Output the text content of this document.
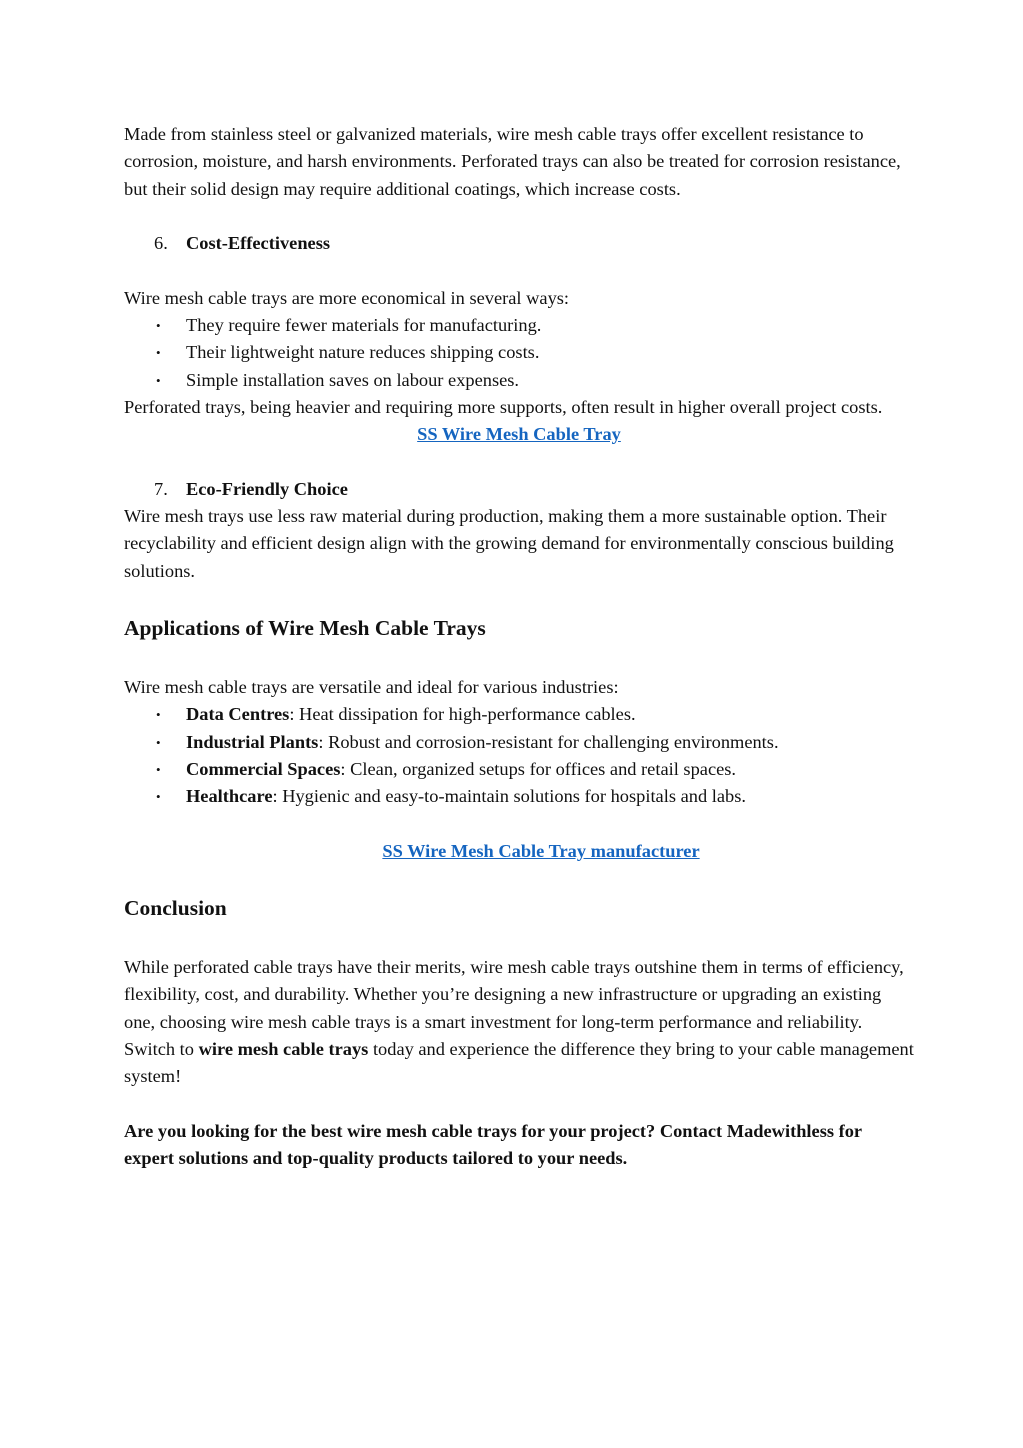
Made from stainless steel or galvanized materials, wire mesh cable trays offer excellent resistance to corrosion, moisture, and harsh environments. Perforated trays can also be treated for corrosion resistance, but their solid design may require additional coatings, which increase costs.

6. Cost-Effectiveness

Wire mesh cable trays are more economical in several ways:

• They require fewer materials for manufacturing.
• Their lightweight nature reduces shipping costs.
• Simple installation saves on labour expenses.

Perforated trays, being heavier and requiring more supports, often result in higher overall project costs.

SS Wire Mesh Cable Tray
7. Eco-Friendly Choice

Wire mesh trays use less raw material during production, making them a more sustainable option. Their recyclability and efficient design align with the growing demand for environmentally conscious building solutions.

Applications of Wire Mesh Cable Trays

Wire mesh cable trays are versatile and ideal for various industries:

• Data Centres: Heat dissipation for high-performance cables.
• Industrial Plants: Robust and corrosion-resistant for challenging environments.
• Commercial Spaces: Clean, organized setups for offices and retail spaces.
• Healthcare: Hygienic and easy-to-maintain solutions for hospitals and labs.
SS Wire Mesh Cable Tray manufacturer
Conclusion

While perforated cable trays have their merits, wire mesh cable trays outshine them in terms of efficiency, flexibility, cost, and durability. Whether you’re designing a new infrastructure or upgrading an existing one, choosing wire mesh cable trays is a smart investment for long-term performance and reliability.

Switch to wire mesh cable trays today and experience the difference they bring to your cable management system!

Are you looking for the best wire mesh cable trays for your project? Contact Madewithless for expert solutions and top-quality products tailored to your needs.
